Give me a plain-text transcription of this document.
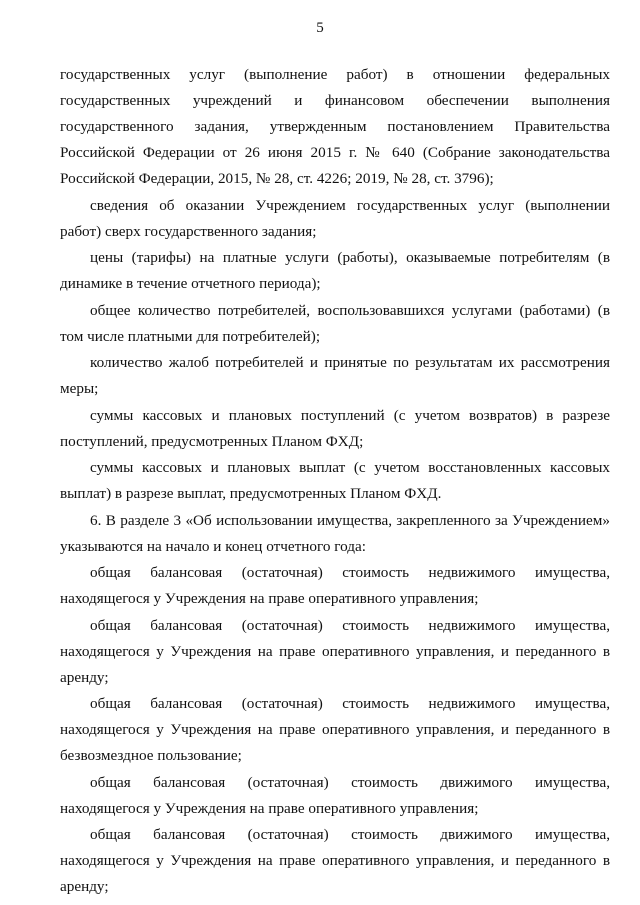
5

государственных услуг (выполнение работ) в отношении федеральных государственных учреждений и финансовом обеспечении выполнения государственного задания, утвержденным постановлением Правительства Российской Федерации от 26 июня 2015 г. № 640 (Собрание законодательства Российской Федерации, 2015, № 28, ст. 4226; 2019, № 28, ст. 3796);

сведения об оказании Учреждением государственных услуг (выполнении работ) сверх государственного задания;

цены (тарифы) на платные услуги (работы), оказываемые потребителям (в динамике в течение отчетного периода);

общее количество потребителей, воспользовавшихся услугами (работами) (в том числе платными для потребителей);

количество жалоб потребителей и принятые по результатам их рассмотрения меры;

суммы кассовых и плановых поступлений (с учетом возвратов) в разрезе поступлений, предусмотренных Планом ФХД;

суммы кассовых и плановых выплат (с учетом восстановленных кассовых выплат) в разрезе выплат, предусмотренных Планом ФХД.

6. В разделе 3 «Об использовании имущества, закрепленного за Учреждением» указываются на начало и конец отчетного года:

общая балансовая (остаточная) стоимость недвижимого имущества, находящегося у Учреждения на праве оперативного управления;

общая балансовая (остаточная) стоимость недвижимого имущества, находящегося у Учреждения на праве оперативного управления, и переданного в аренду;

общая балансовая (остаточная) стоимость недвижимого имущества, находящегося у Учреждения на праве оперативного управления, и переданного в безвозмездное пользование;

общая балансовая (остаточная) стоимость движимого имущества, находящегося у Учреждения на праве оперативного управления;

общая балансовая (остаточная) стоимость движимого имущества, находящегося у Учреждения на праве оперативного управления, и переданного в аренду;
